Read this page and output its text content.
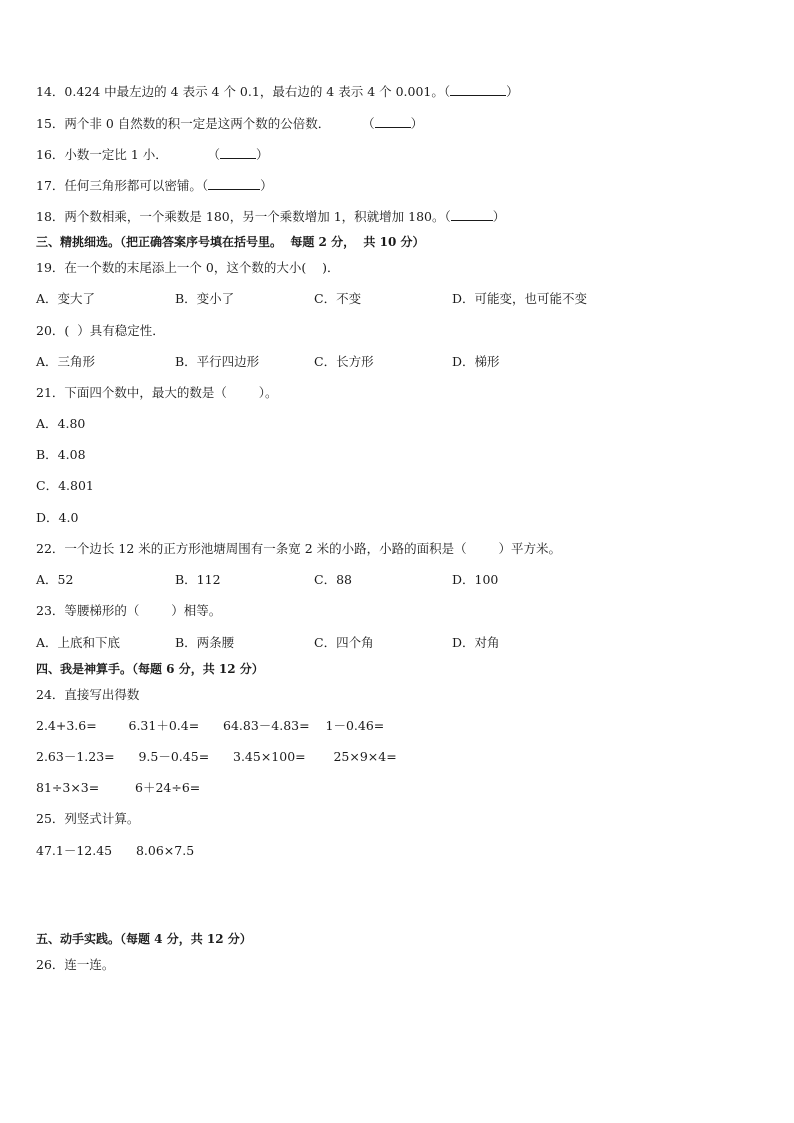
14．0.424 中最左边的 4 表示 4 个 0.1，最右边的 4 表示 4 个 0.001。（	）
15．两个非 0 自然数的积一定是这两个数的公倍数．        （	）
16．小数一定比 1 小．          （	）
17．任何三角形都可以密铺。（	）
18．两个数相乘，一个乘数是 180，另一个乘数增加 1，积就增加 180。（	）
三、精挑细选。（把正确答案序号填在括号里。  每题 2 分，  共 10 分）
19．在一个数的末尾添上一个 0，这个数的大小(    )．
A．变大了	B．变小了	C．不变	D．可能变，也可能不变
20．(  ）具有稳定性．
A．三角形	B．平行四边形	C．长方形	D．梯形
21．下面四个数中，最大的数是（        ）。
A．4.80
B．4.08
C．4.801
D．4.0
22．一个边长 12 米的正方形池塘周围有一条宽 2 米的小路，小路的面积是（        ）平方米。
A．52	B．112	C．88	D．100
23．等腰梯形的（        ）相等。
A．上底和下底	B．两条腰	C．四个角	D．对角
四、我是神算手。（每题 6 分，共 12 分）
24．直接写出得数
2.4+3.6=        6.31＋0.4=      64.83－4.83=    1－0.46=
2.63－1.23=      9.5－0.45=      3.45×100=       25×9×4=
81÷3×3=         6＋24÷6=
25．列竖式计算。
47.1－12.45      8.06×7.5
五、动手实践。（每题 4 分，共 12 分）
26．连一连。
